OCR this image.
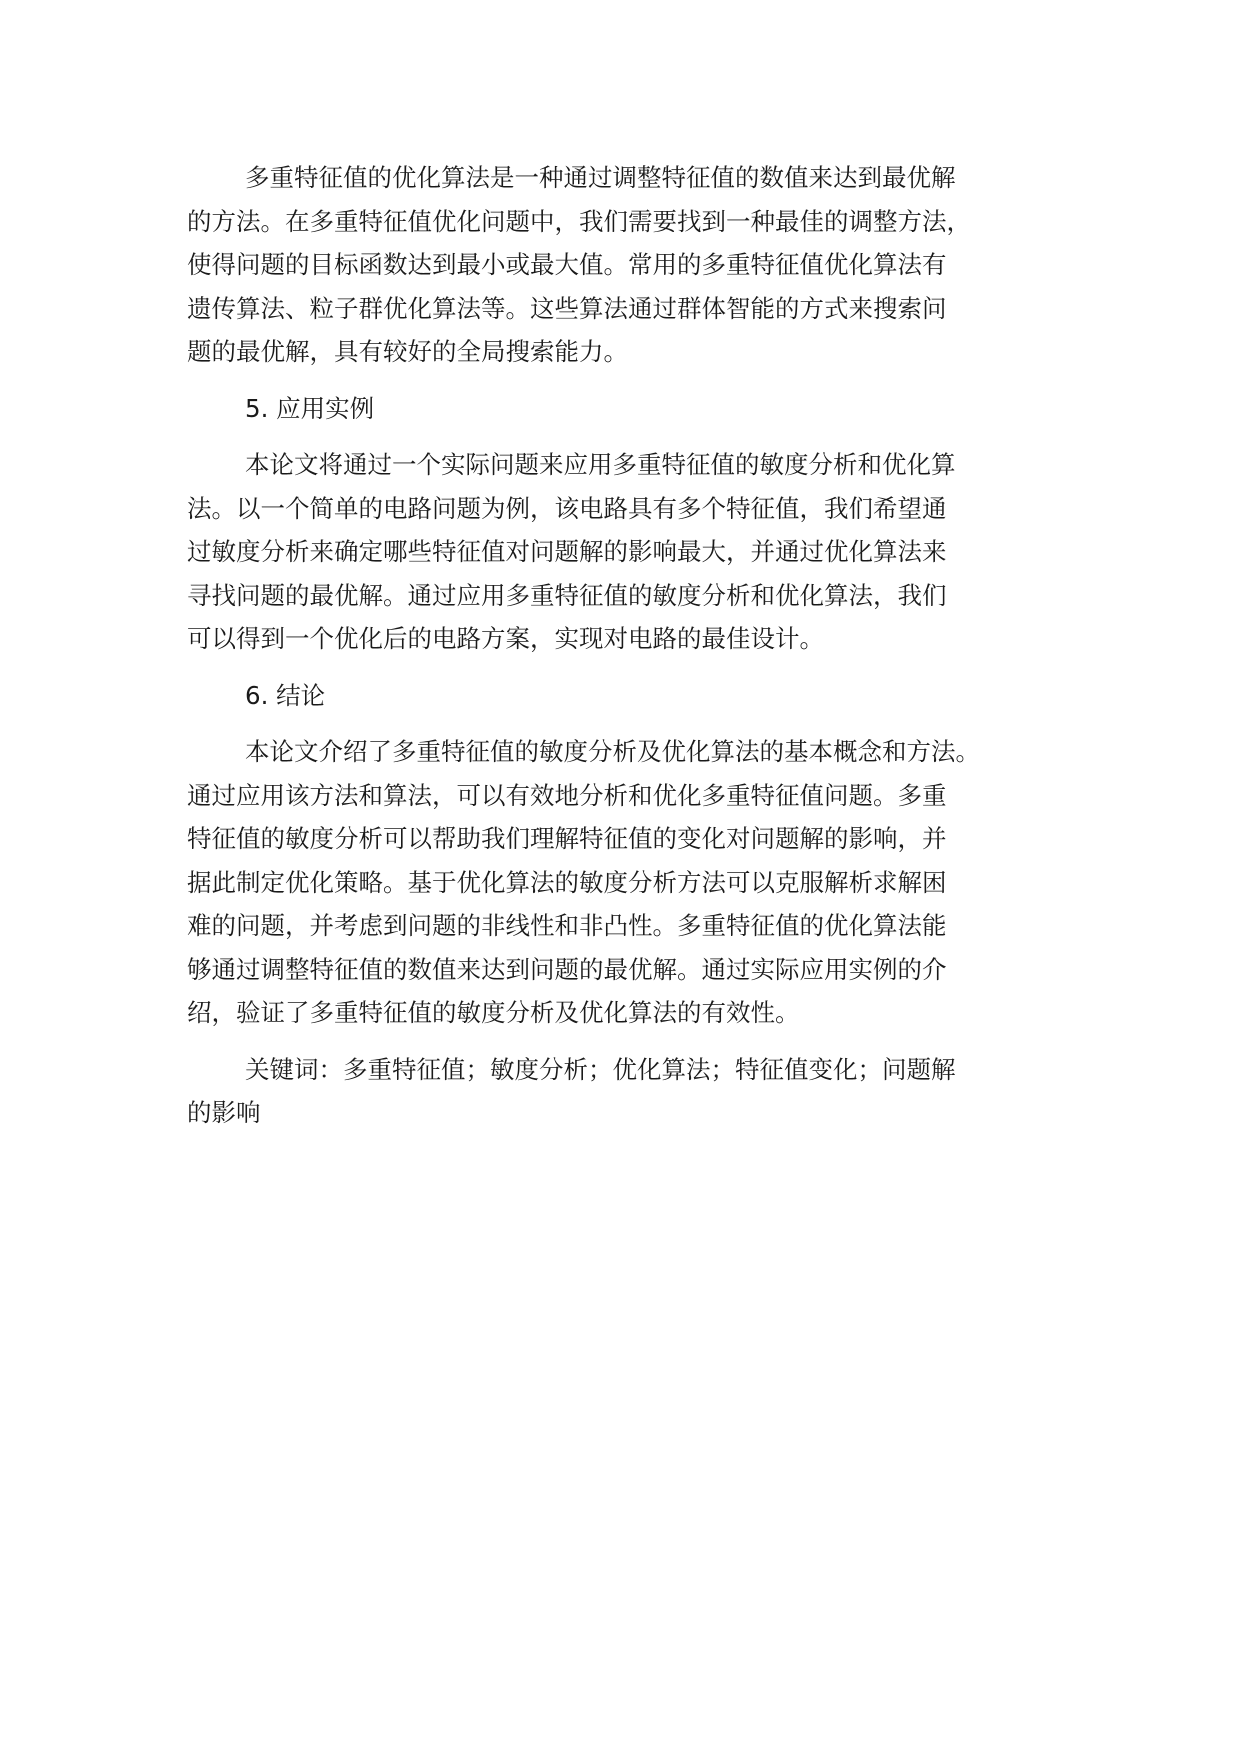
多重特征值的优化算法是一种通过调整特征值的数值来达到最优解
的方法。在多重特征值优化问题中，我们需要找到一种最佳的调整方法，
使得问题的目标函数达到最小或最大值。常用的多重特征值优化算法有
遗传算法、粒子群优化算法等。这些算法通过群体智能的方式来搜索问
题的最优解，具有较好的全局搜索能力。
5. 应用实例
本论文将通过一个实际问题来应用多重特征值的敏度分析和优化算
法。以一个简单的电路问题为例，该电路具有多个特征值，我们希望通
过敏度分析来确定哪些特征值对问题解的影响最大，并通过优化算法来
寻找问题的最优解。通过应用多重特征值的敏度分析和优化算法，我们
可以得到一个优化后的电路方案，实现对电路的最佳设计。
6. 结论
本论文介绍了多重特征值的敏度分析及优化算法的基本概念和方法。
通过应用该方法和算法，可以有效地分析和优化多重特征值问题。多重
特征值的敏度分析可以帮助我们理解特征值的变化对问题解的影响，并
据此制定优化策略。基于优化算法的敏度分析方法可以克服解析求解困
难的问题，并考虑到问题的非线性和非凸性。多重特征值的优化算法能
够通过调整特征值的数值来达到问题的最优解。通过实际应用实例的介
绍，验证了多重特征值的敏度分析及优化算法的有效性。
关键词：多重特征值；敏度分析；优化算法；特征值变化；问题解
的影响
